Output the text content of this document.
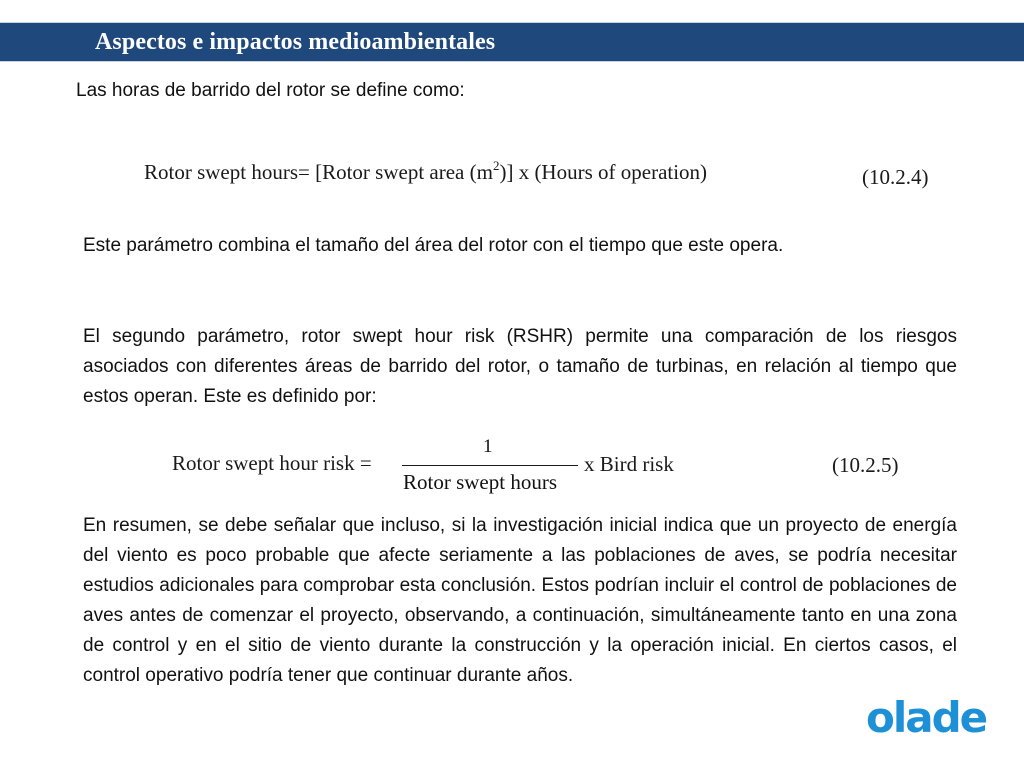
Aspectos e impactos medioambientales
Las horas de barrido del rotor se define como:
Rotor swept hours= [Rotor swept area $(m^2)$] x (Hours of operation)	(10.2.4)

Este parámetro combina el tamaño del área del rotor con el tiempo que este opera.

El segundo parámetro, rotor swept hour risk (RSHR) permite una comparación de los riesgos asociados con diferentes áreas de barrido del rotor, o tamaño de turbinas, en relación al tiempo que estos operan. Este es definido por:

Rotor swept hour risk =
1
Rotor swept hours
x Bird risk	(10.2.5)

En resumen, se debe señalar que incluso, si la investigación inicial indica que un proyecto de energía del viento es poco probable que afecte seriamente a las poblaciones de aves, se podría necesitar estudios adicionales para comprobar esta conclusión. Estos podrían incluir el control de poblaciones de aves antes de comenzar el proyecto, observando, a continuación, simultáneamente tanto en una zona de control y en el sitio de viento durante la construcción y la operación inicial. En ciertos casos, el control operativo podría tener que continuar durante años.

olade
